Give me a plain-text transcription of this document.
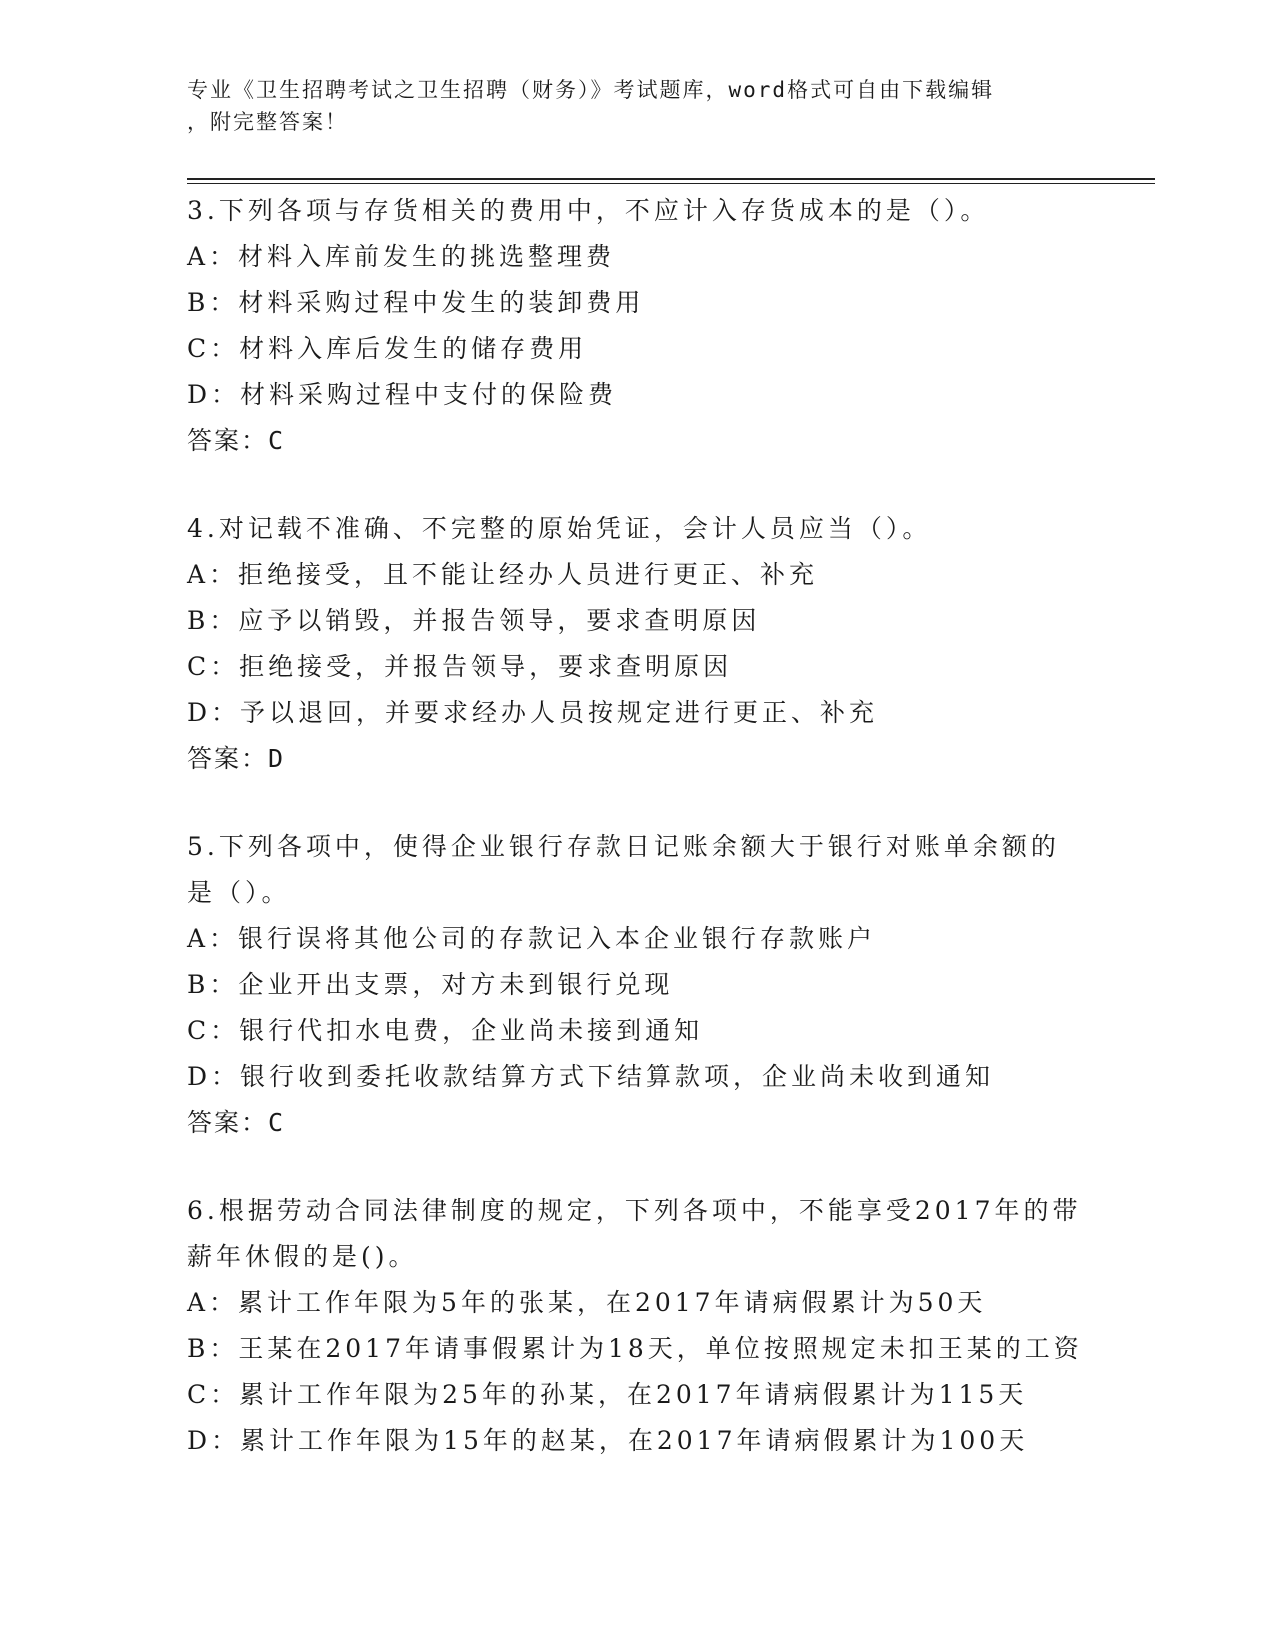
专业《卫生招聘考试之卫生招聘（财务）》考试题库，word格式可自由下载编辑
，附完整答案！
3.下列各项与存货相关的费用中，不应计入存货成本的是（）。
A：材料入库前发生的挑选整理费
B：材料采购过程中发生的装卸费用
C：材料入库后发生的储存费用
D：材料采购过程中支付的保险费
答案：C
4.对记载不准确、不完整的原始凭证，会计人员应当（）。
A：拒绝接受，且不能让经办人员进行更正、补充
B：应予以销毁，并报告领导，要求查明原因
C：拒绝接受，并报告领导，要求查明原因
D：予以退回，并要求经办人员按规定进行更正、补充
答案：D
5.下列各项中，使得企业银行存款日记账余额大于银行对账单余额的
是（）。
A：银行误将其他公司的存款记入本企业银行存款账户
B：企业开出支票，对方未到银行兑现
C：银行代扣水电费，企业尚未接到通知
D：银行收到委托收款结算方式下结算款项，企业尚未收到通知
答案：C
6.根据劳动合同法律制度的规定，下列各项中，不能享受2017年的带
薪年休假的是()。
A：累计工作年限为5年的张某，在2017年请病假累计为50天
B：王某在2017年请事假累计为18天，单位按照规定未扣王某的工资
C：累计工作年限为25年的孙某，在2017年请病假累计为115天
D：累计工作年限为15年的赵某，在2017年请病假累计为100天
